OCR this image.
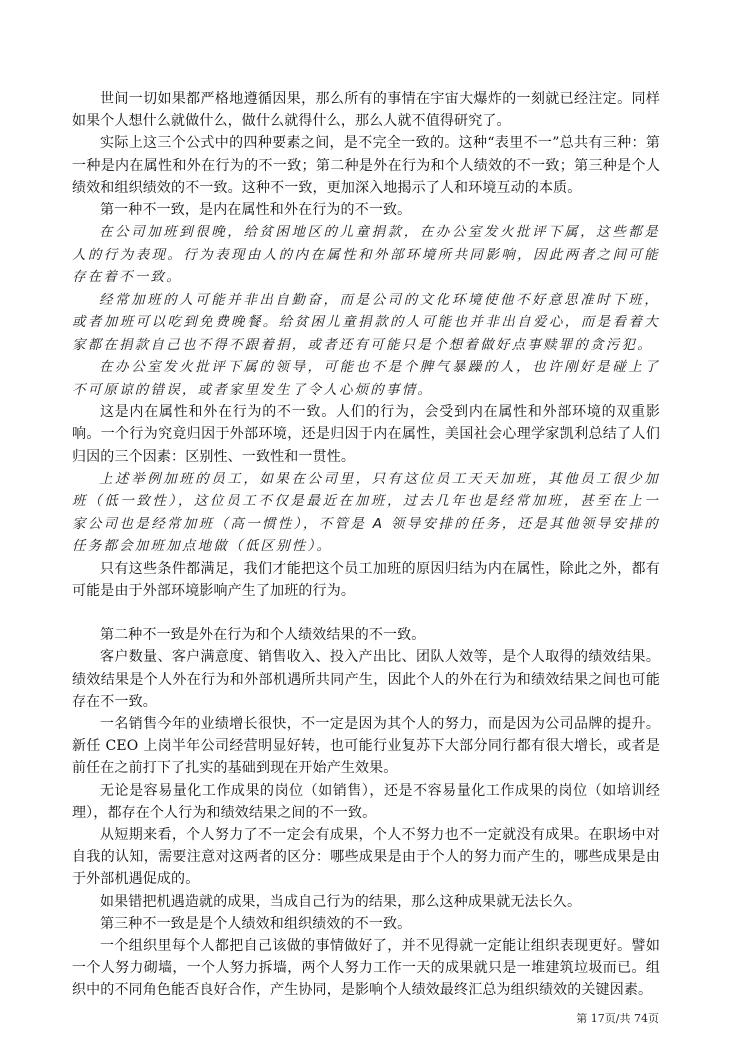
世间一切如果都严格地遵循因果，那么所有的事情在宇宙大爆炸的一刻就已经注定。同样如果个人想什么就做什么，做什么就得什么，那么人就不值得研究了。

实际上这三个公式中的四种要素之间，是不完全一致的。这种“表里不一”总共有三种：第一种是内在属性和外在行为的不一致；第二种是外在行为和个人绩效的不一致；第三种是个人绩效和组织绩效的不一致。这种不一致，更加深入地揭示了人和环境互动的本质。

第一种不一致，是内在属性和外在行为的不一致。

在公司加班到很晚，给贫困地区的儿童捐款，在办公室发火批评下属，这些都是人的行为表现。行为表现由人的内在属性和外部环境所共同影响，因此两者之间可能存在着不一致。

经常加班的人可能并非出自勤奋，而是公司的文化环境使他不好意思准时下班，或者加班可以吃到免费晚餐。给贫困儿童捐款的人可能也并非出自爱心，而是看着大家都在捐款自己也不得不跟着捐，或者还有可能只是个想着做好点事赎罪的贪污犯。

在办公室发火批评下属的领导，可能也不是个脾气暴躁的人，也许刚好是碰上了不可原谅的错误，或者家里发生了令人心烦的事情。

这是内在属性和外在行为的不一致。人们的行为，会受到内在属性和外部环境的双重影响。一个行为究竟归因于外部环境，还是归因于内在属性，美国社会心理学家凯利总结了人们归因的三个因素：区别性、一致性和一贯性。

上述举例加班的员工，如果在公司里，只有这位员工天天加班，其他员工很少加班（低一致性），这位员工不仅是最近在加班，过去几年也是经常加班，甚至在上一家公司也是经常加班（高一惯性），不管是 A 领导安排的任务，还是其他领导安排的任务都会加班加点地做（低区别性）。

只有这些条件都满足，我们才能把这个员工加班的原因归结为内在属性，除此之外，都有可能是由于外部环境影响产生了加班的行为。

第二种不一致是外在行为和个人绩效结果的不一致。

客户数量、客户满意度、销售收入、投入产出比、团队人效等，是个人取得的绩效结果。绩效结果是个人外在行为和外部机遇所共同产生，因此个人的外在行为和绩效结果之间也可能存在不一致。

一名销售今年的业绩增长很快，不一定是因为其个人的努力，而是因为公司品牌的提升。新任 CEO 上岗半年公司经营明显好转，也可能行业复苏下大部分同行都有很大增长，或者是前任在之前打下了扎实的基础到现在开始产生效果。

无论是容易量化工作成果的岗位（如销售），还是不容易量化工作成果的岗位（如培训经理），都存在个人行为和绩效结果之间的不一致。

从短期来看，个人努力了不一定会有成果，个人不努力也不一定就没有成果。在职场中对自我的认知，需要注意对这两者的区分：哪些成果是由于个人的努力而产生的，哪些成果是由于外部机遇促成的。

如果错把机遇造就的成果，当成自己行为的结果，那么这种成果就无法长久。

第三种不一致是是个人绩效和组织绩效的不一致。

一个组织里每个人都把自己该做的事情做好了，并不见得就一定能让组织表现更好。譬如一个人努力砌墙，一个人努力拆墙，两个人努力工作一天的成果就只是一堆建筑垃圾而已。组织中的不同角色能否良好合作，产生协同，是影响个人绩效最终汇总为组织绩效的关键因素。

第 17页/共 74页
